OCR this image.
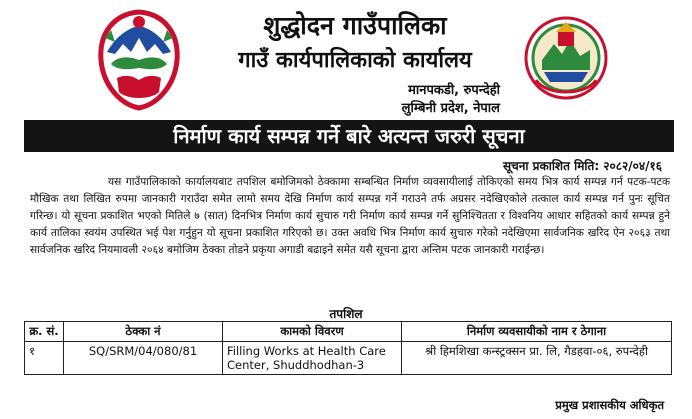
शुद्धोदन गाउँपालिका
गाउँ कार्यपालिकाको कार्यालय
मानपकडी, रुपन्देही
लुम्बिनी प्रदेश, नेपाल
निर्माण कार्य सम्पन्न गर्ने बारे अत्यन्त जरुरी सूचना
सूचना प्रकाशित मिति: २०८२/०४/१६
यस गाउँपालिकाको कार्यालयबाट तपशिल बमोजिमको ठेक्कामा सम्बन्धित निर्माण व्यवसायीलाई तोकिएको समय भित्र कार्य सम्पन्न गर्न पटक-पटक मौखिक तथा लिखित रुपमा जानकारी गराउँदा समेत लामो समय देखि निर्माण कार्य सम्पन्न गर्ने गराउने तर्फ अग्रसर नदेखिएकोले तत्काल कार्य सम्पन्न गर्न पुनः सूचित गरिन्छ। यो सूचना प्रकाशित भएको मितिले ७ (सात) दिनभित्र निर्माण कार्य सुचारु गरी निर्माण कार्य सम्पन्न गर्ने सुनिश्चितता र विश्वनिय आधार सहितको कार्य सम्पन्न हुने कार्य तालिका स्वयंम उपस्थित भई पेश गर्नुहुन यो सूचना प्रकाशित गरिएको छ। उक्त अवधि भित्र निर्माण कार्य सुचारु गरेको नदेखिएमा सार्वजनिक खरिद ऐन २०६३ तथा सार्वजनिक खरिद नियमावली २०६४ बमोजिम ठेक्का तोडने प्रकृया अगाडी बढाइने समेत यसै सूचना द्वारा अन्तिम पटक जानकारी गराईन्छ।
तपशिल
क्र. सं.	ठेक्का नं	कामको विवरण	निर्माण व्यवसायीको नाम र ठेगाना
१	SQ/SRM/04/080/81	Filling Works at Health Care Center, Shuddhodhan-3	श्री हिमशिखा कन्स्ट्रक्सन प्रा. लि, गैडहवा-०६, रुपन्देही
प्रमुख प्रशासकीय अधिकृत
